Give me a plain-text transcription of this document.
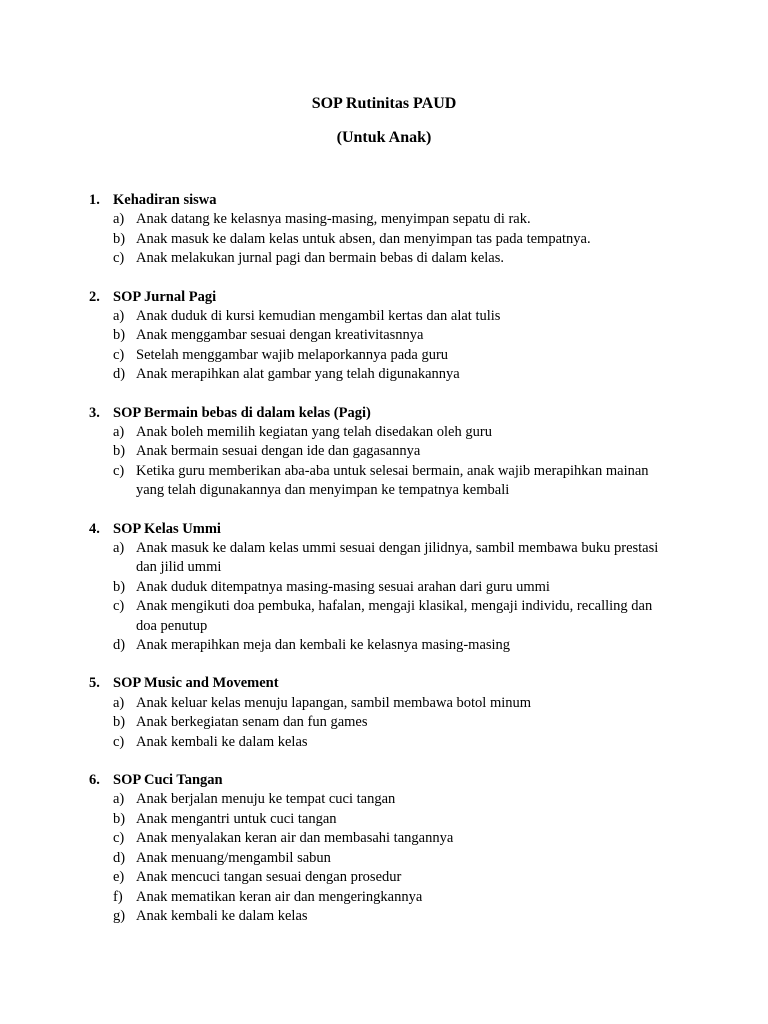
SOP Rutinitas PAUD
(Untuk Anak)
1. Kehadiran siswa
a) Anak datang ke kelasnya masing-masing, menyimpan sepatu di rak.
b) Anak masuk ke dalam kelas untuk absen, dan menyimpan tas pada tempatnya.
c) Anak melakukan jurnal pagi dan bermain bebas di dalam kelas.
2. SOP Jurnal Pagi
a) Anak duduk di kursi kemudian mengambil kertas dan alat tulis
b) Anak menggambar sesuai dengan kreativitasnnya
c) Setelah menggambar wajib melaporkannya pada guru
d) Anak merapihkan alat gambar yang telah digunakannya
3. SOP Bermain bebas di dalam kelas (Pagi)
a) Anak boleh memilih kegiatan yang telah disedakan oleh guru
b) Anak bermain sesuai dengan ide dan gagasannya
c) Ketika guru memberikan aba-aba untuk selesai bermain, anak wajib merapihkan mainan yang telah digunakannya dan menyimpan ke tempatnya kembali
4. SOP Kelas Ummi
a) Anak masuk ke dalam kelas ummi sesuai dengan jilidnya, sambil membawa buku prestasi dan jilid ummi
b) Anak duduk ditempatnya masing-masing sesuai arahan dari guru ummi
c) Anak mengikuti doa pembuka, hafalan, mengaji klasikal, mengaji individu, recalling dan doa penutup
d) Anak merapihkan meja dan kembali ke kelasnya masing-masing
5. SOP Music and Movement
a) Anak keluar kelas menuju lapangan, sambil membawa botol minum
b) Anak berkegiatan senam dan fun games
c) Anak kembali ke dalam kelas
6. SOP Cuci Tangan
a) Anak berjalan menuju ke tempat cuci tangan
b) Anak mengantri untuk cuci tangan
c) Anak menyalakan keran air dan membasahi tangannya
d) Anak menuang/mengambil sabun
e) Anak mencuci tangan sesuai dengan prosedur
f) Anak mematikan keran air dan mengeringkannya
g) Anak kembali ke dalam kelas
